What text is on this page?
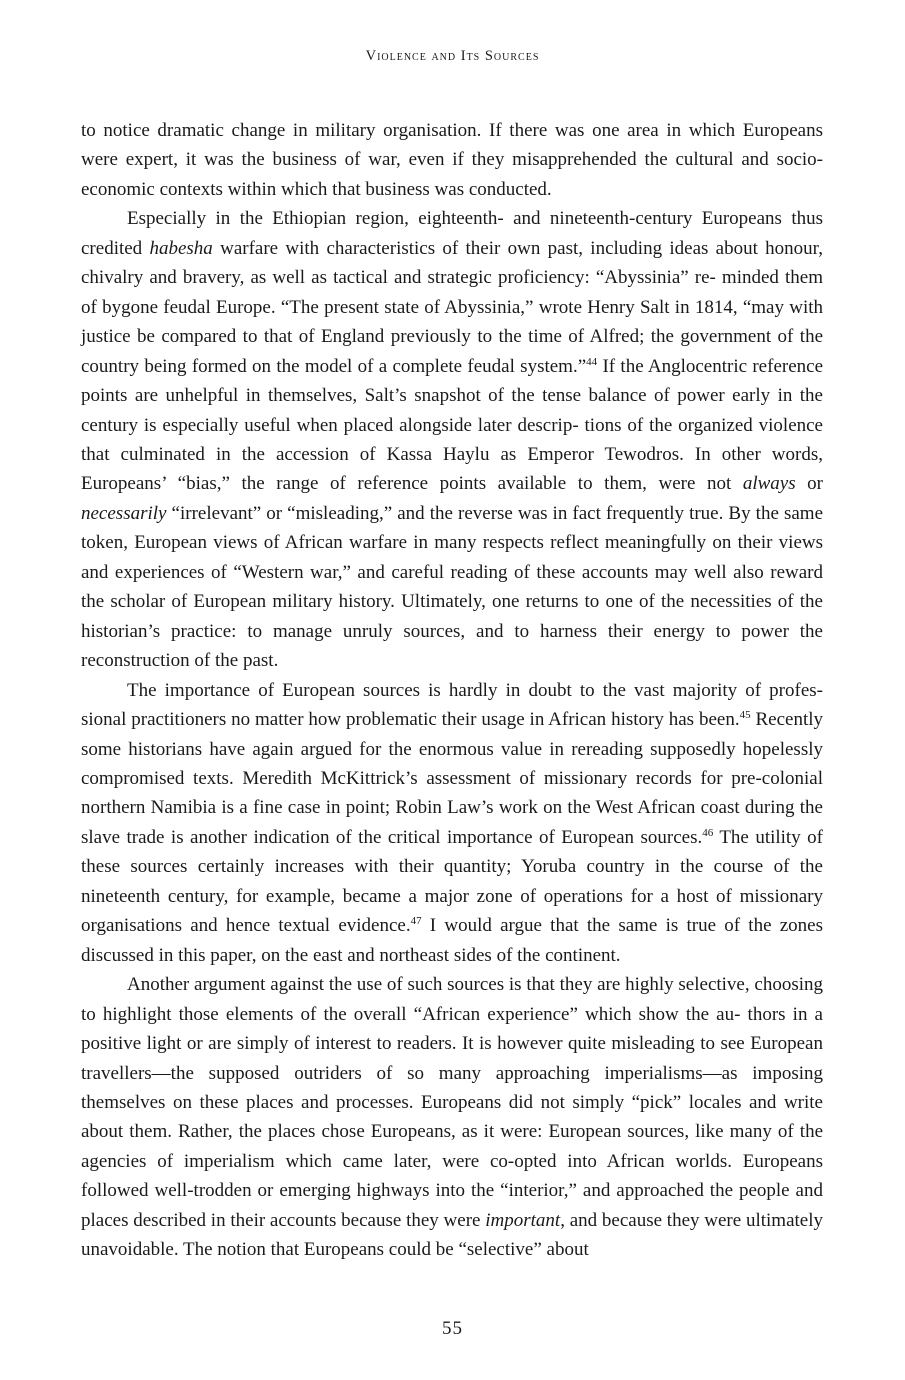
Violence and Its Sources

to notice dramatic change in military organisation. If there was one area in which Europeans were expert, it was the business of war, even if they misapprehended the cultural and socio- economic contexts within which that business was conducted.

Especially in the Ethiopian region, eighteenth- and nineteenth-century Europeans thus credited habesha warfare with characteristics of their own past, including ideas about honour, chivalry and bravery, as well as tactical and strategic proficiency: “Abyssinia” re- minded them of bygone feudal Europe. “The present state of Abyssinia,” wrote Henry Salt in 1814, “may with justice be compared to that of England previously to the time of Alfred; the government of the country being formed on the model of a complete feudal system.”$^{44}$ If the Anglocentric reference points are unhelpful in themselves, Salt’s snapshot of the tense balance of power early in the century is especially useful when placed alongside later descrip- tions of the organized violence that culminated in the accession of Kassa Haylu as Emperor Tewodros. In other words, Europeans’ “bias,” the range of reference points available to them, were not always or necessarily “irrelevant” or “misleading,” and the reverse was in fact frequently true. By the same token, European views of African warfare in many respects reflect meaningfully on their views and experiences of “Western war,” and careful reading of these accounts may well also reward the scholar of European military history. Ultimately, one returns to one of the necessities of the historian’s practice: to manage unruly sources, and to harness their energy to power the reconstruction of the past.

The importance of European sources is hardly in doubt to the vast majority of profes- sional practitioners no matter how problematic their usage in African history has been.$^{45}$ Recently some historians have again argued for the enormous value in rereading supposedly hopelessly compromised texts. Meredith McKittrick’s assessment of missionary records for pre-colonial northern Namibia is a fine case in point; Robin Law’s work on the West African coast during the slave trade is another indication of the critical importance of European sources.$^{46}$ The utility of these sources certainly increases with their quantity; Yoruba country in the course of the nineteenth century, for example, became a major zone of operations for a host of missionary organisations and hence textual evidence.$^{47}$ I would argue that the same is true of the zones discussed in this paper, on the east and northeast sides of the continent.

Another argument against the use of such sources is that they are highly selective, choosing to highlight those elements of the overall “African experience” which show the au- thors in a positive light or are simply of interest to readers. It is however quite misleading to see European travellers—the supposed outriders of so many approaching imperialisms—as imposing themselves on these places and processes. Europeans did not simply “pick” locales and write about them. Rather, the places chose Europeans, as it were: European sources, like many of the agencies of imperialism which came later, were co-opted into African worlds. Europeans followed well-trodden or emerging highways into the “interior,” and approached the people and places described in their accounts because they were important, and because they were ultimately unavoidable. The notion that Europeans could be “selective” about

55
